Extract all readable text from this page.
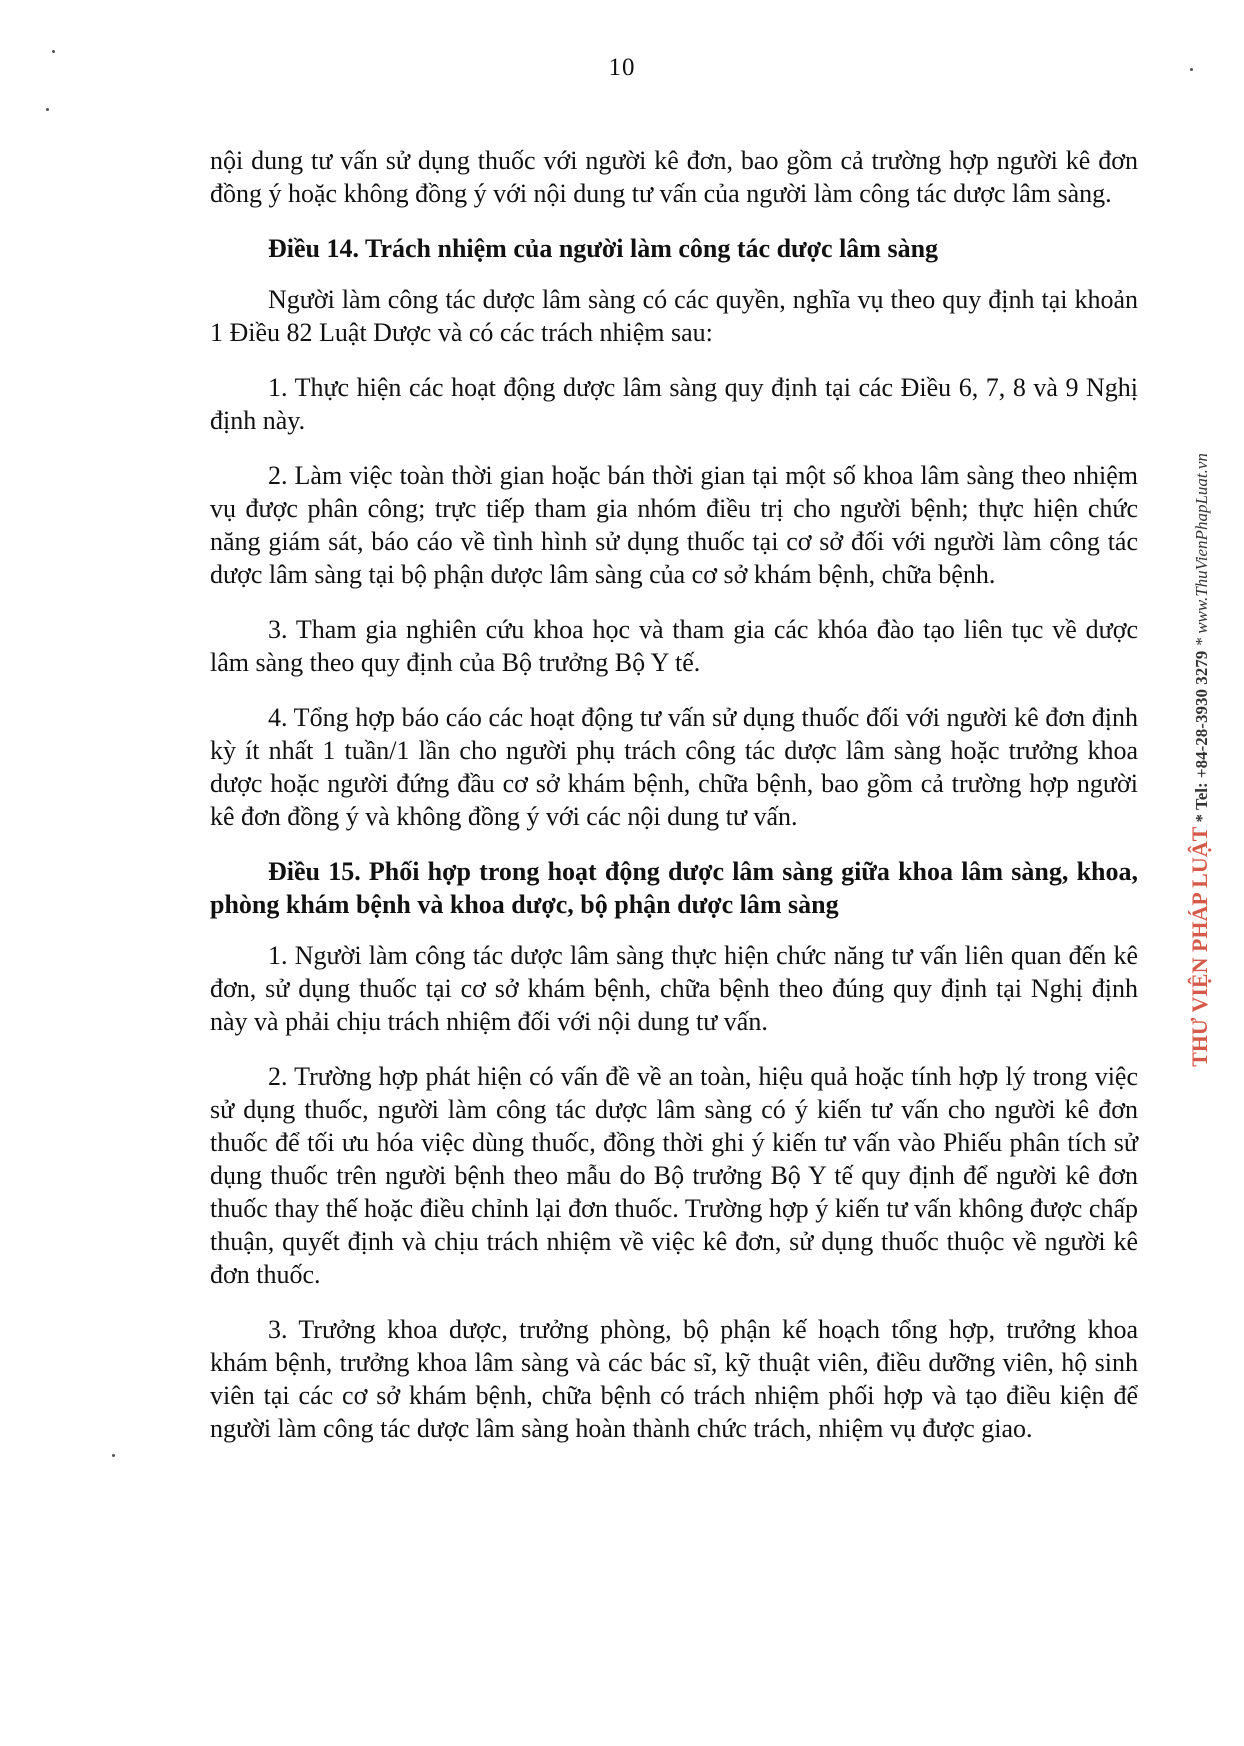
10

nội dung tư vấn sử dụng thuốc với người kê đơn, bao gồm cả trường hợp người kê đơn đồng ý hoặc không đồng ý với nội dung tư vấn của người làm công tác dược lâm sàng.

Điều 14. Trách nhiệm của người làm công tác dược lâm sàng

Người làm công tác dược lâm sàng có các quyền, nghĩa vụ theo quy định tại khoản 1 Điều 82 Luật Dược và có các trách nhiệm sau:

1. Thực hiện các hoạt động dược lâm sàng quy định tại các Điều 6, 7, 8 và 9 Nghị định này.

2. Làm việc toàn thời gian hoặc bán thời gian tại một số khoa lâm sàng theo nhiệm vụ được phân công; trực tiếp tham gia nhóm điều trị cho người bệnh; thực hiện chức năng giám sát, báo cáo về tình hình sử dụng thuốc tại cơ sở đối với người làm công tác dược lâm sàng tại bộ phận dược lâm sàng của cơ sở khám bệnh, chữa bệnh.

3. Tham gia nghiên cứu khoa học và tham gia các khóa đào tạo liên tục về dược lâm sàng theo quy định của Bộ trưởng Bộ Y tế.

4. Tổng hợp báo cáo các hoạt động tư vấn sử dụng thuốc đối với người kê đơn định kỳ ít nhất 1 tuần/1 lần cho người phụ trách công tác dược lâm sàng hoặc trưởng khoa dược hoặc người đứng đầu cơ sở khám bệnh, chữa bệnh, bao gồm cả trường hợp người kê đơn đồng ý và không đồng ý với các nội dung tư vấn.

Điều 15. Phối hợp trong hoạt động dược lâm sàng giữa khoa lâm sàng, khoa, phòng khám bệnh và khoa dược, bộ phận dược lâm sàng

1. Người làm công tác dược lâm sàng thực hiện chức năng tư vấn liên quan đến kê đơn, sử dụng thuốc tại cơ sở khám bệnh, chữa bệnh theo đúng quy định tại Nghị định này và phải chịu trách nhiệm đối với nội dung tư vấn.

2. Trường hợp phát hiện có vấn đề về an toàn, hiệu quả hoặc tính hợp lý trong việc sử dụng thuốc, người làm công tác dược lâm sàng có ý kiến tư vấn cho người kê đơn thuốc để tối ưu hóa việc dùng thuốc, đồng thời ghi ý kiến tư vấn vào Phiếu phân tích sử dụng thuốc trên người bệnh theo mẫu do Bộ trưởng Bộ Y tế quy định để người kê đơn thuốc thay thế hoặc điều chỉnh lại đơn thuốc. Trường hợp ý kiến tư vấn không được chấp thuận, quyết định và chịu trách nhiệm về việc kê đơn, sử dụng thuốc thuộc về người kê đơn thuốc.

3. Trưởng khoa dược, trưởng phòng, bộ phận kế hoạch tổng hợp, trưởng khoa khám bệnh, trưởng khoa lâm sàng và các bác sĩ, kỹ thuật viên, điều dưỡng viên, hộ sinh viên tại các cơ sở khám bệnh, chữa bệnh có trách nhiệm phối hợp và tạo điều kiện để người làm công tác dược lâm sàng hoàn thành chức trách, nhiệm vụ được giao.

THƯ VIỆN PHÁP LUẬT * Tel: +84-28-3930 3279 * www.ThuVienPhapLuat.vn
